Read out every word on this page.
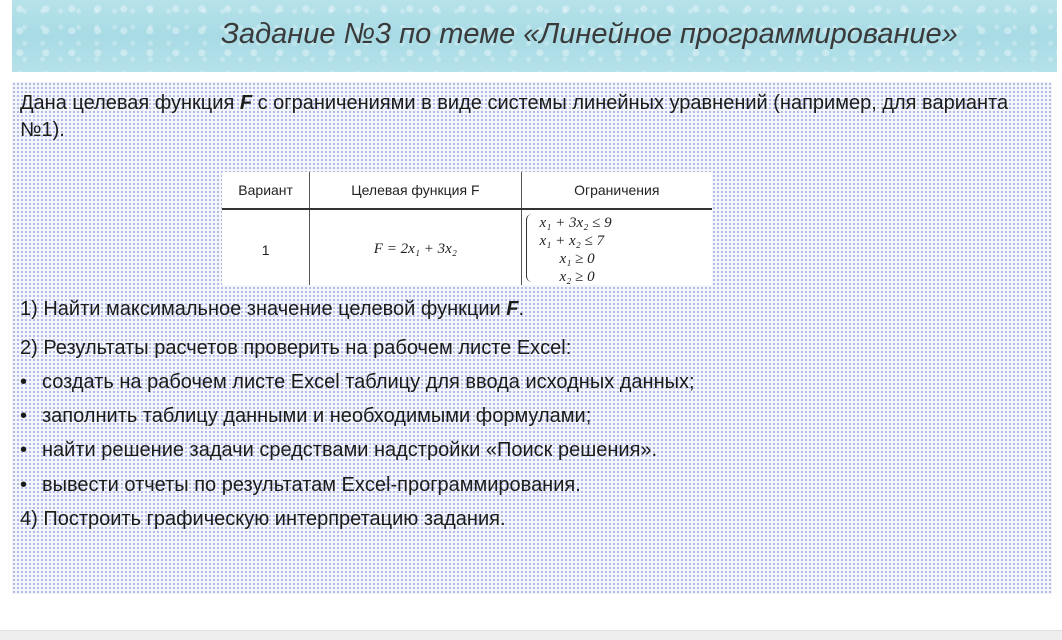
Задание №3 по теме «Линейное программирование»
Дана целевая функция F с ограничениями в виде системы линейных уравнений (например, для варианта №1).
Вариант	Целевая функция F	Ограничения
1	F = 2x₁ + 3x₂	x₁ + 3x₂ ≤ 9
x₁ + x₂ ≤ 7
x₁ ≥ 0
x₂ ≥ 0
1) Найти максимальное значение целевой функции F.
2) Результаты расчетов проверить на рабочем листе Excel:
• создать на рабочем листе Excel таблицу для ввода исходных данных;
• заполнить таблицу данными и необходимыми формулами;
• найти решение задачи средствами надстройки «Поиск решения».
• вывести отчеты по результатам Excel-программирования.
4) Построить графическую интерпретацию задания.
